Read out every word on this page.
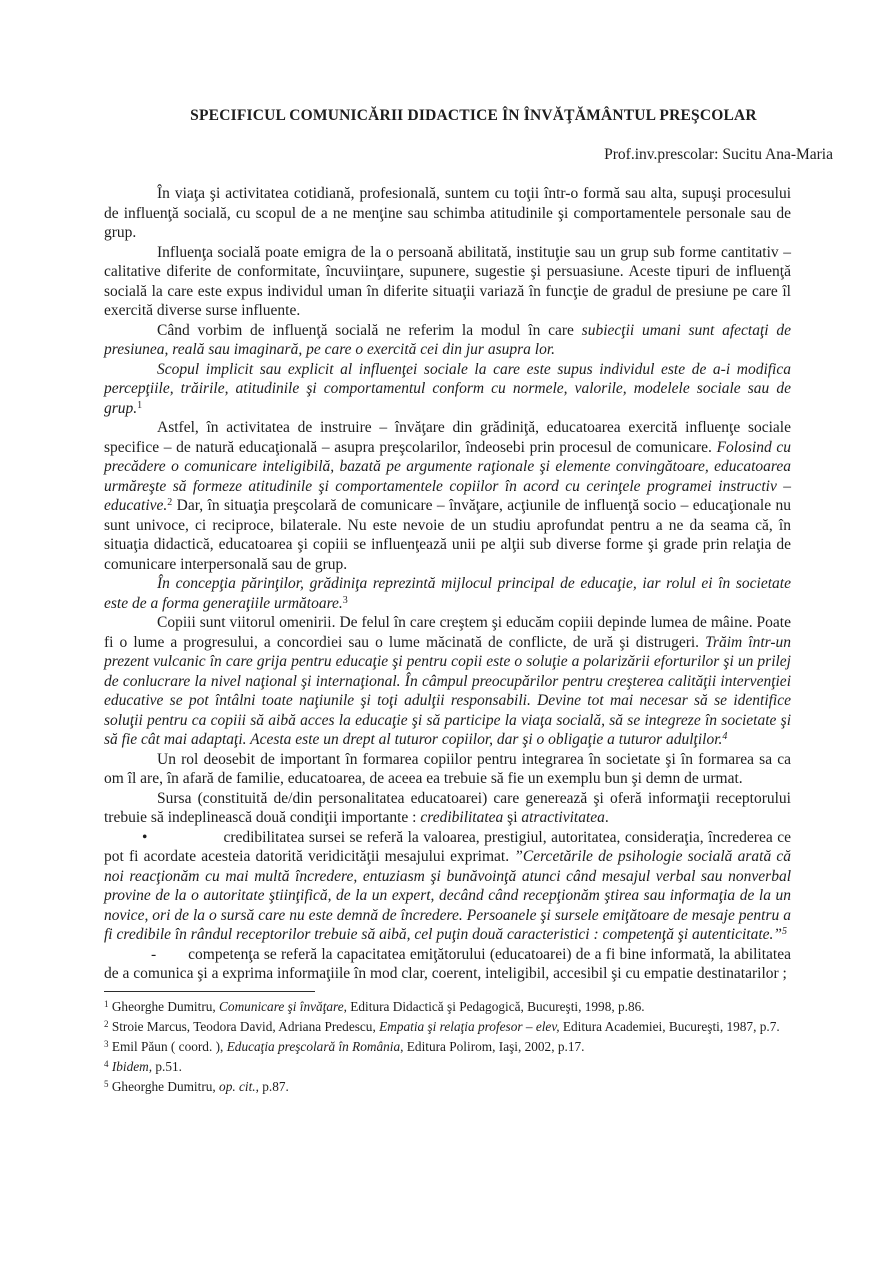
SPECIFICUL COMUNICĂRII DIDACTICE ÎN ÎNVĂŢĂMÂNTUL PREŞCOLAR
Prof.inv.prescolar: Sucitu Ana-Maria

În viaţa şi activitatea cotidiană, profesională, suntem cu toţii într-o formă sau alta, supuşi procesului de influenţă socială, cu scopul de a ne menţine sau schimba atitudinile şi comportamentele personale sau de grup.

Influenţa socială poate emigra de la o persoană abilitată, instituţie sau un grup sub forme cantitativ – calitative diferite de conformitate, încuviinţare, supunere, sugestie şi persuasiune. Aceste tipuri de influenţă socială la care este expus individul uman în diferite situaţii variază în funcţie de gradul de presiune pe care îl exercită diverse surse influente.

Când vorbim de influenţă socială ne referim la modul în care subiecţii umani sunt afectaţi de presiunea, reală sau imaginară, pe care o exercită cei din jur asupra lor.

Scopul implicit sau explicit al influenţei sociale la care este supus individul este de a-i modifica percepţiile, trăirile, atitudinile şi comportamentul conform cu normele, valorile, modelele sociale sau de grup.$^1$

Astfel, în activitatea de instruire – învăţare din grădiniţă, educatoarea exercită influenţe sociale specifice – de natură educaţională – asupra preşcolarilor, îndeosebi prin procesul de comunicare. Folosind cu precădere o comunicare inteligibilă, bazată pe argumente raţionale şi elemente convingătoare, educatoarea urmăreşte să formeze atitudinile şi comportamentele copiilor în acord cu cerinţele programei instructiv – educative.$^2$ Dar, în situaţia preşcolară de comunicare – învăţare, acţiunile de influenţă socio – educaţionale nu sunt univoce, ci reciproce, bilaterale. Nu este nevoie de un studiu aprofundat pentru a ne da seama că, în situaţia didactică, educatoarea şi copiii se influenţează unii pe alţii sub diverse forme şi grade prin relaţia de comunicare interpersonală sau de grup.

În concepţia părinţilor, grădiniţa reprezintă mijlocul principal de educaţie, iar rolul ei în societate este de a forma generaţiile următoare.$^3$

Copiii sunt viitorul omenirii. De felul în care creştem şi educăm copiii depinde lumea de mâine. Poate fi o lume a progresului, a concordiei sau o lume măcinată de conflicte, de ură şi distrugeri. Trăim într-un prezent vulcanic în care grija pentru educaţie şi pentru copii este o soluţie a polarizării eforturilor şi un prilej de conlucrare la nivel naţional şi internaţional. În câmpul preocupărilor pentru creşterea calităţii intervenţiei educative se pot întâlni toate naţiunile şi toţi adulţii responsabili. Devine tot mai necesar să se identifice soluţii pentru ca copiii să aibă acces la educaţie şi să participe la viaţa socială, să se integreze în societate şi să fie cât mai adaptaţi. Acesta este un drept al tuturor copiilor, dar şi o obligaţie a tuturor adulţilor.$^4$

Un rol deosebit de important în formarea copiilor pentru integrarea în societate şi în formarea sa ca om îl are, în afară de familie, educatoarea, de aceea ea trebuie să fie un exemplu bun şi demn de urmat.

Sursa (constituită de/din personalitatea educatoarei) care generează şi oferă informaţii receptorului trebuie să indeplinească două condiţii importante : credibilitatea şi atractivitatea.

•	credibilitatea sursei se referă la valoarea, prestigiul, autoritatea, consideraţia, încrederea ce pot fi acordate acesteia datorită veridicităţii mesajului exprimat. ”Cercetările de psihologie socială arată că noi reacţionăm cu mai multă încredere, entuziasm şi bunăvoinţă atunci când mesajul verbal sau nonverbal provine de la o autoritate ştiinţifică, de la un expert, decând când recepţionăm ştirea sau informaţia de la un novice, ori de la o sursă care nu este demnă de încredere. Persoanele şi sursele emiţătoare de mesaje pentru a fi credibile în rândul receptorilor trebuie să aibă, cel puţin două caracteristici : competenţă şi autenticitate.”$^5$

- competenţa se referă la capacitatea emiţătorului (educatoarei) de a fi bine informată, la abilitatea de a comunica şi a exprima informaţiile în mod clar, coerent, inteligibil, accesibil şi cu empatie destinatarilor ;

$^1$ Gheorghe Dumitru, Comunicare şi învăţare, Editura Didactică şi Pedagogică, Bucureşti, 1998, p.86.

$^2$ Stroie Marcus, Teodora David, Adriana Predescu, Empatia şi relaţia profesor – elev, Editura Academiei, Bucureşti, 1987, p.7.

$^3$ Emil Păun ( coord. ), Educaţia preşcolară în România, Editura Polirom, Iaşi, 2002, p.17.

$^4$ Ibidem, p.51.

$^5$ Gheorghe Dumitru, op. cit., p.87.
